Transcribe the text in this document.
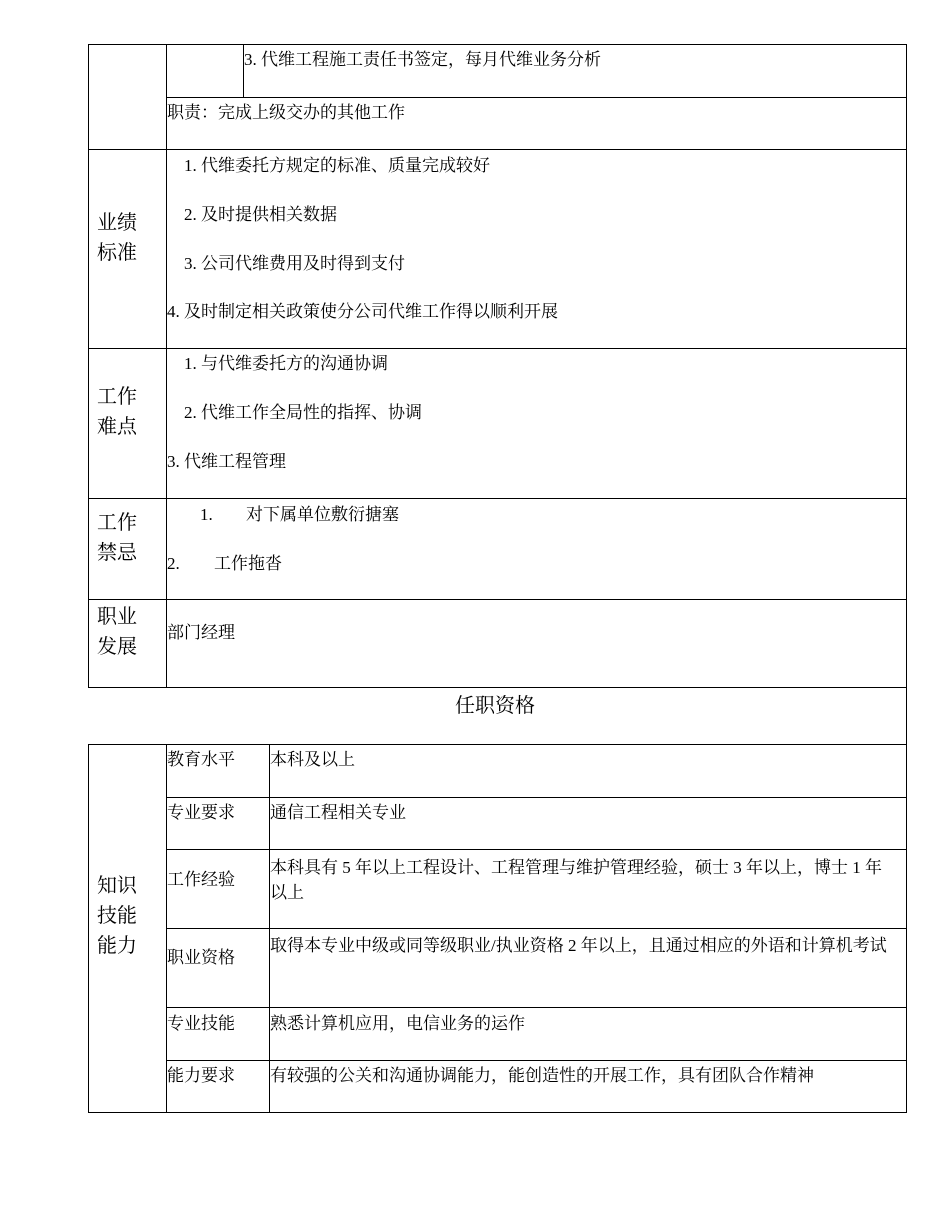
3. 代维工程施工责任书签定，每月代维业务分析
职责：完成上级交办的其他工作
业绩
标准
1. 代维委托方规定的标准、质量完成较好
2. 及时提供相关数据
3. 公司代维费用及时得到支付
4. 及时制定相关政策使分公司代维工作得以顺利开展
工作
难点
1. 与代维委托方的沟通协调
2. 代维工作全局性的指挥、协调
3. 代维工程管理
工作
禁忌
1. 对下属单位敷衍搪塞
2. 工作拖沓
职业
发展
部门经理
任职资格
知识
技能
能力
教育水平 本科及以上
专业要求 通信工程相关专业
工作经验
本科具有 5 年以上工程设计、工程管理与维护管理经验，硕士 3 年以上，博士 1 年以上
职业资格
取得本专业中级或同等级职业/执业资格 2 年以上，且通过相应的外语和计算机考试
专业技能 熟悉计算机应用，电信业务的运作
能力要求 有较强的公关和沟通协调能力，能创造性的开展工作，具有团队合作精神
